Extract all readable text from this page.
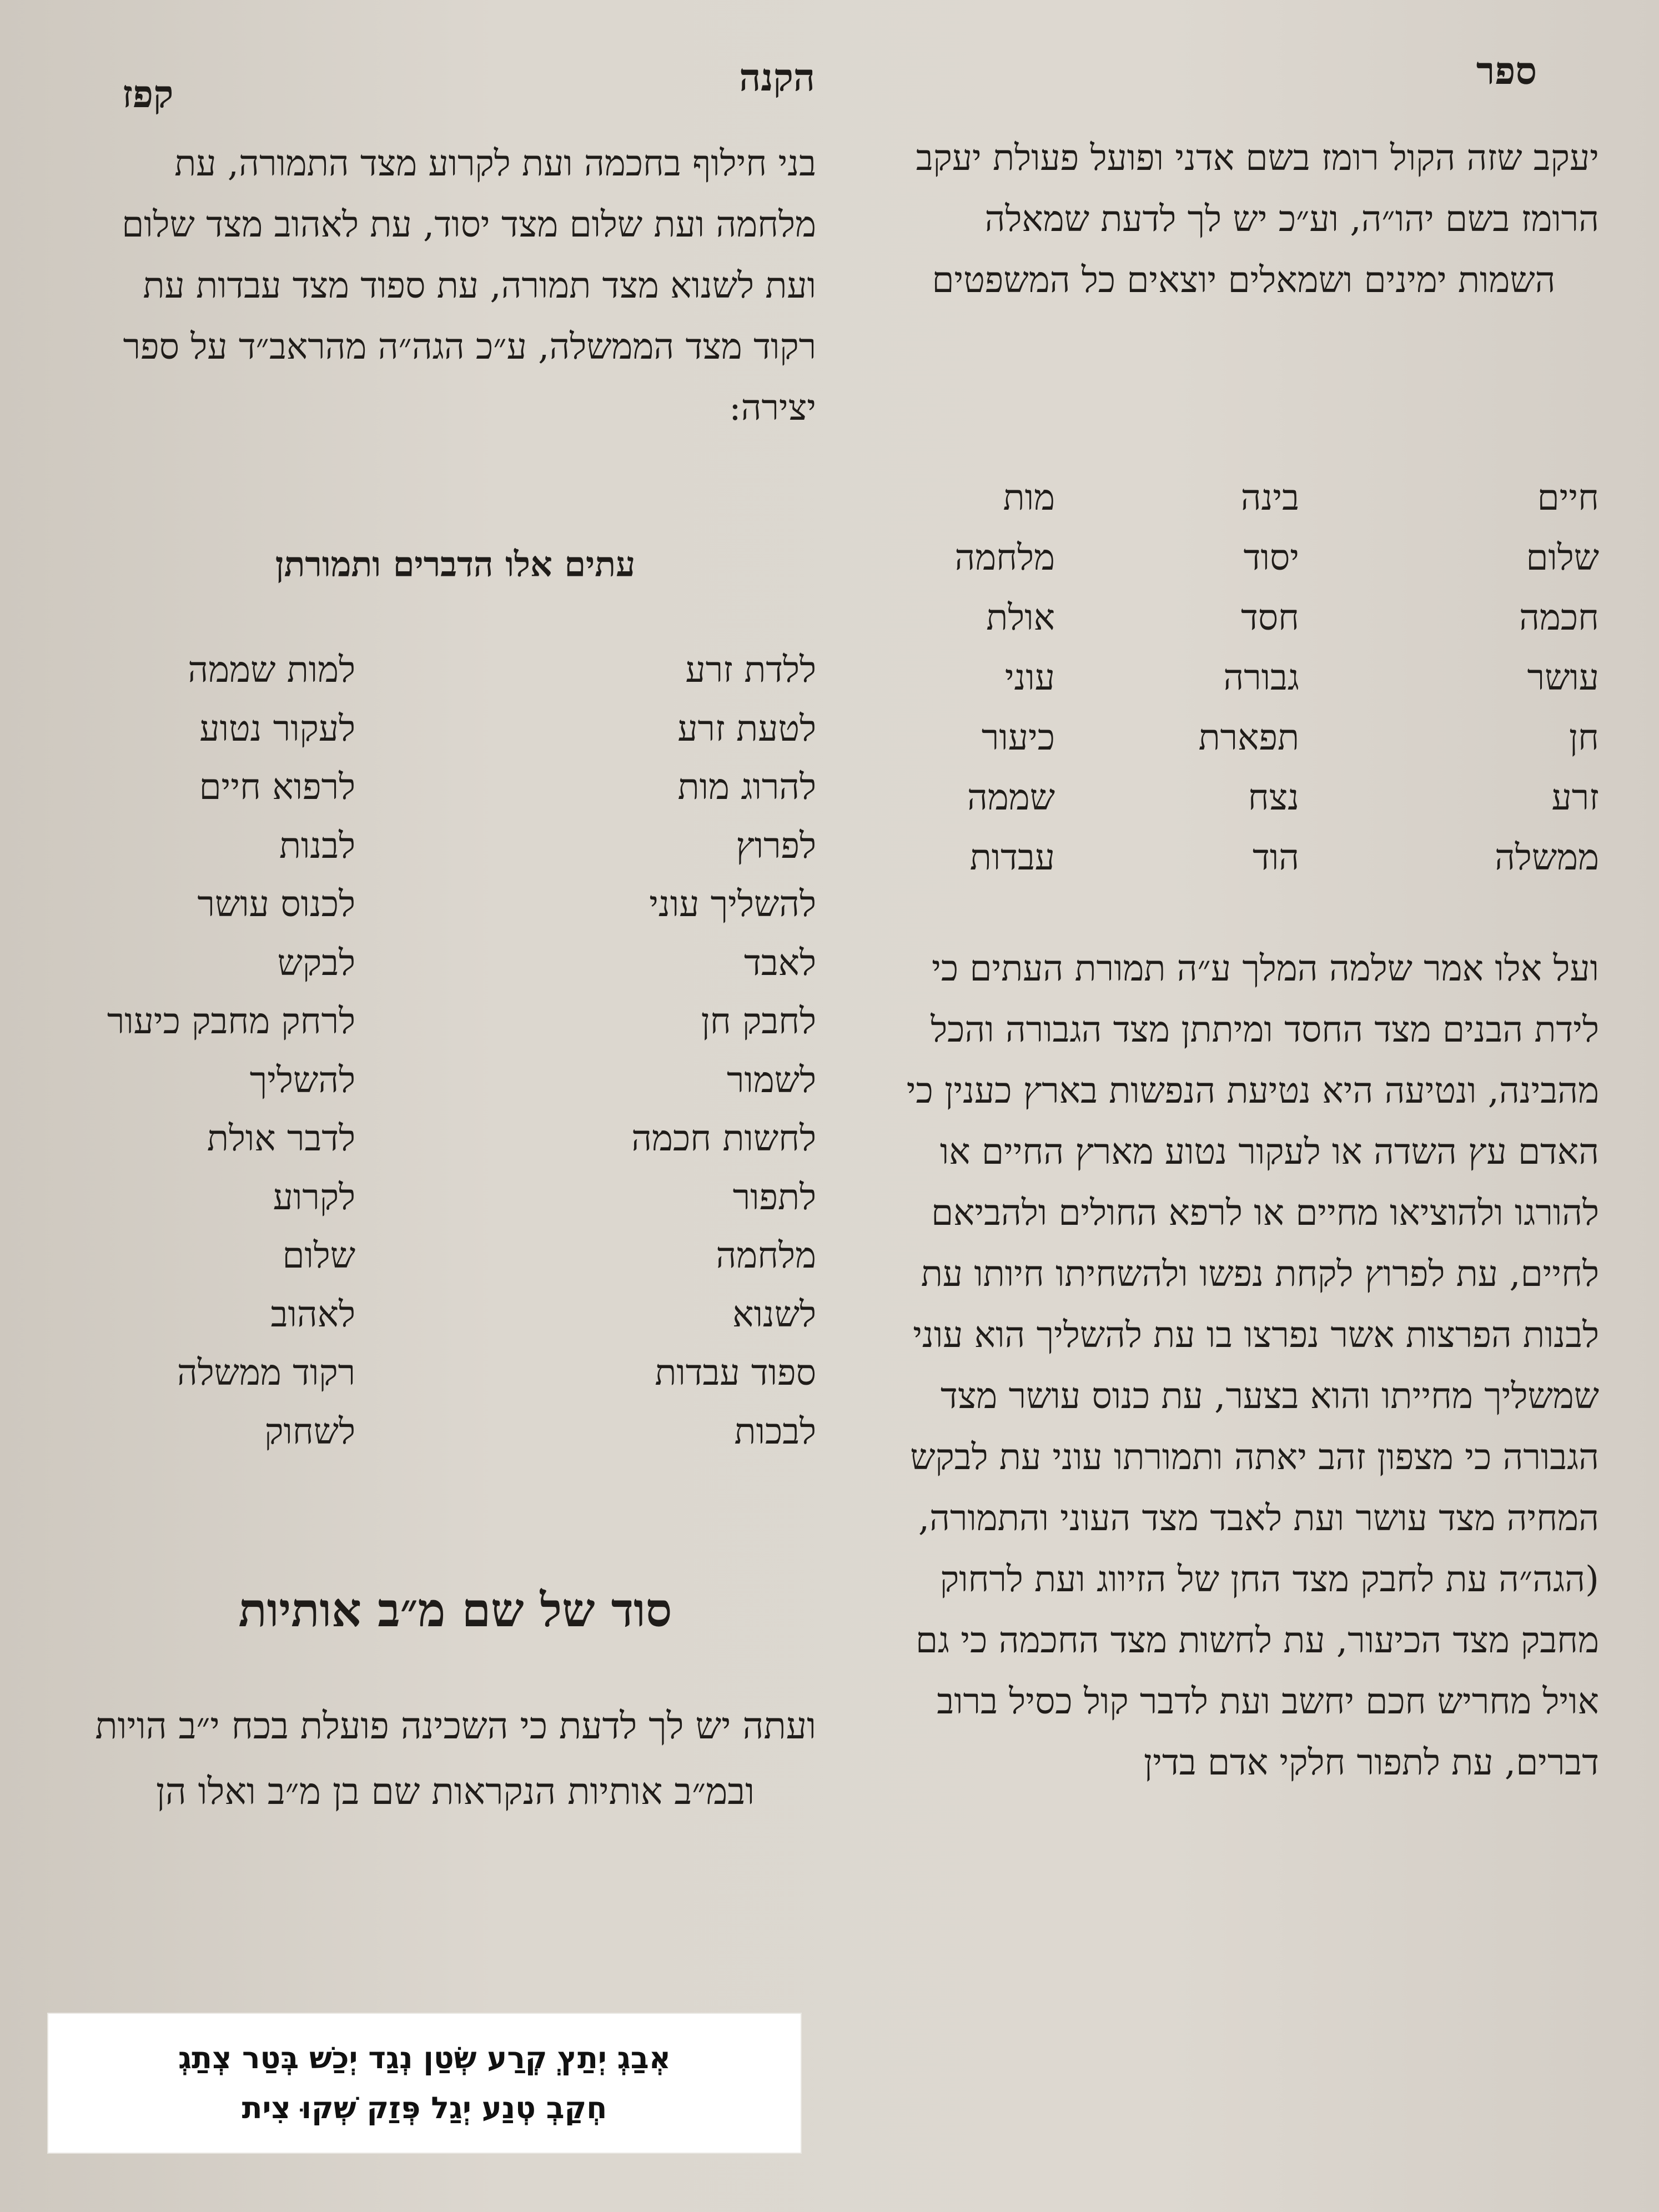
ספר
הקנה
קפז

יעקב שזה הקול רומז בשם אדני ופועל פעולת יעקב הרומז בשם יהו״ה, וע״כ יש לך לדעת שמאלה השמות ימינים ושמאלים יוצאים כל המשפטים

חיים
בינה
מות
שלום
יסוד
מלחמה
חכמה
חסד
אולת
עושר
גבורה
עוני
חן
תפארת
כיעור
זרע
נצח
שממה
ממשלה
הוד
עבדות

ועל אלו אמר שלמה המלך ע״ה תמורת העתים כי לידת הבנים מצד החסד ומיתתן מצד הגבורה והכל מהבינה, ונטיעה היא נטיעת הנפשות בארץ כענין כי האדם עץ השדה או לעקור נטוע מארץ החיים או להורגו ולהוציאו מחיים או לרפא החולים ולהביאם לחיים, עת לפרוץ לקחת נפשו ולהשחיתו חיותו עת לבנות הפרצות אשר נפרצו בו עת להשליך הוא עוני שמשליך מחייתו והוא בצער, עת כנוס עושר מצד הגבורה כי מצפון זהב יאתה ותמורתו עוני עת לבקש המחיה מצד עושר ועת לאבד מצד העוני והתמורה, (הגה״ה עת לחבק מצד החן של הזיווג ועת לרחוק מחבק מצד הכיעור, עת לחשות מצד החכמה כי גם אויל מחריש חכם יחשב ועת לדבר קול כסיל ברוב דברים, עת לתפור חלקי אדם בדין

בני חילוף בחכמה ועת לקרוע מצד התמורה, עת מלחמה ועת שלום מצד יסוד, עת לאהוב מצד שלום ועת לשנוא מצד תמורה, עת ספוד מצד עבדות עת רקוד מצד הממשלה, ע״כ הגה״ה מהראב״ד על ספר יצירה:

עתים אלו הדברים ותמורתן
ללדת זרע
למות שממה
לטעת זרע
לעקור נטוע
להרוג מות
לרפוא חיים
לפרוץ
לבנות
להשליך עוני
לכנוס עושר
לאבד
לבקש
לחבק חן
לרחק מחבק כיעור
לשמור
להשליך
לחשות חכמה
לדבר אולת
לתפור
לקרוע
מלחמה
שלום
לשנוא
לאהוב
ספוד עבדות
רקוד ממשלה
לבכות
לשחוק
סוד של שם מ״ב אותיות

ועתה יש לך לדעת כי השכינה פועלת בכח י״ב הויות ובמ״ב אותיות הנקראות שם בן מ״ב ואלו הן

אְבַגְ יְתַץְ קְרַע שְׂטַן נְגַד יְכַשׁ בְּטַר צְתַגְ
חְקַבְ טְנַע יְגַל פְּזַק שְׁקוּ צִית
